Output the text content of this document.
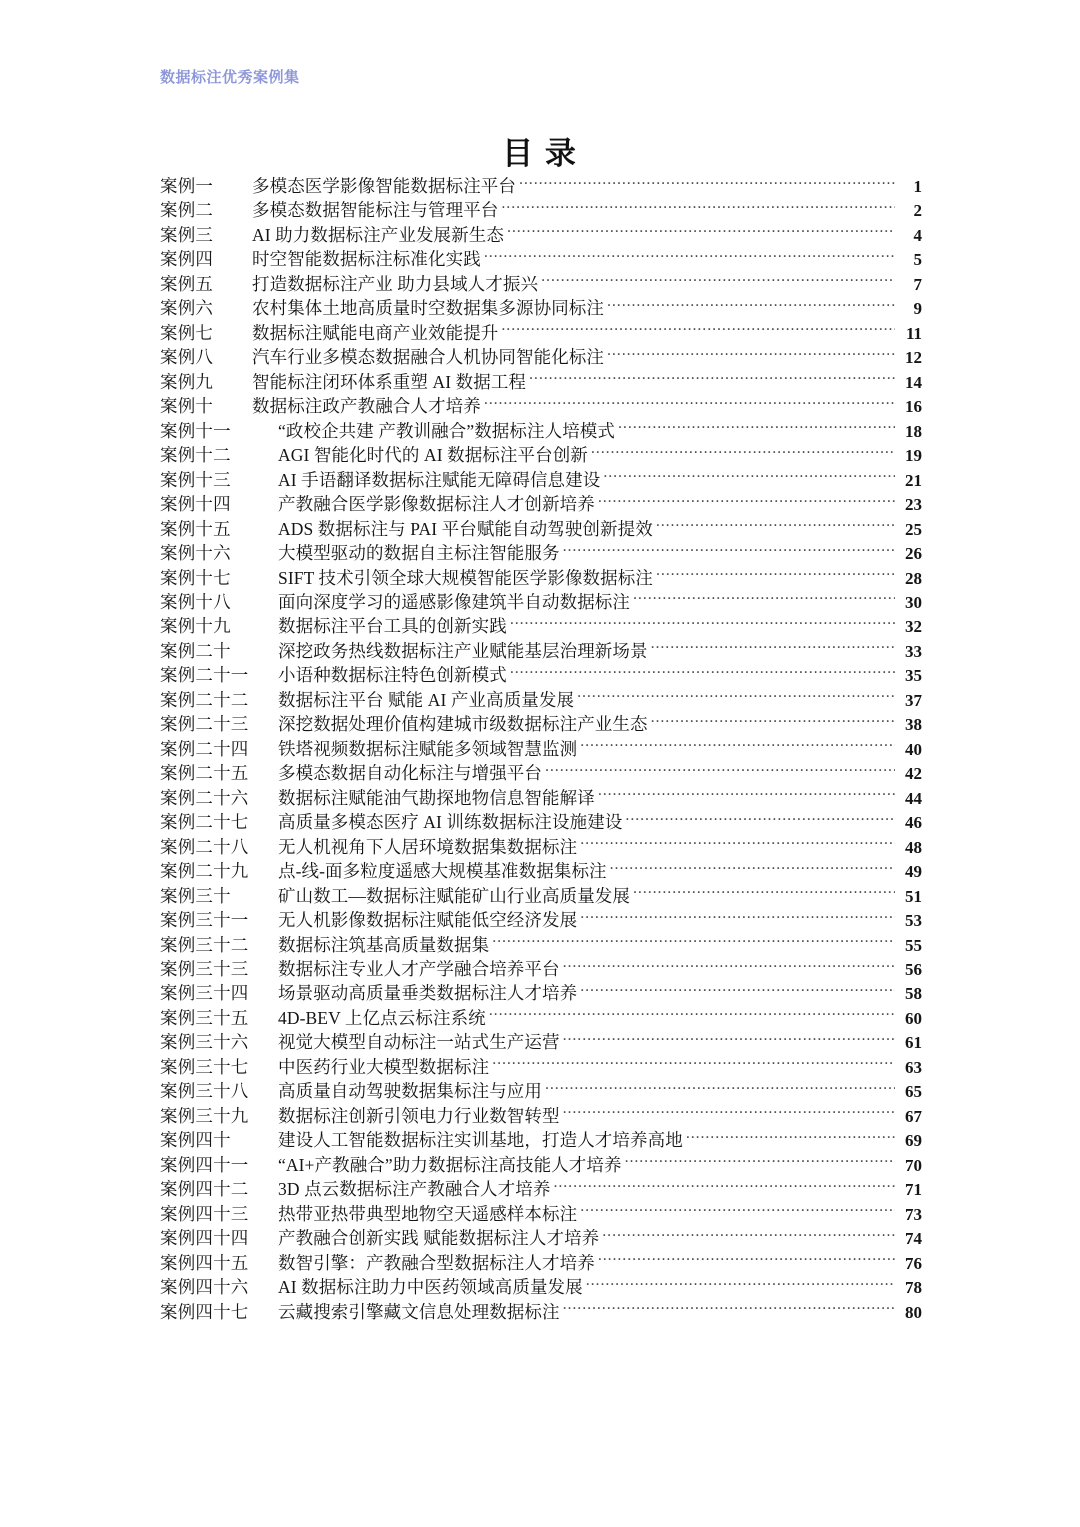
数据标注优秀案例集
目 录
案例一	多模态医学影像智能数据标注平台 .....	1
案例二	多模态数据智能标注与管理平台 .....	2
案例三	AI 助力数据标注产业发展新生态 .....	4
案例四	时空智能数据标注标准化实践 .....	5
案例五	打造数据标注产业 助力县域人才振兴 .....	7
案例六	农村集体土地高质量时空数据集多源协同标注 .....	9
案例七	数据标注赋能电商产业效能提升 .....	11
案例八	汽车行业多模态数据融合人机协同智能化标注 .....	12
案例九	智能标注闭环体系重塑 AI 数据工程 .....	14
案例十	数据标注政产教融合人才培养 .....	16
案例十一	“政校企共建 产教训融合”数据标注人培模式 .....	18
案例十二	AGI 智能化时代的 AI 数据标注平台创新 .....	19
案例十三	AI 手语翻译数据标注赋能无障碍信息建设 .....	21
案例十四	产教融合医学影像数据标注人才创新培养 .....	23
案例十五	ADS 数据标注与 PAI 平台赋能自动驾驶创新提效 .....	25
案例十六	大模型驱动的数据自主标注智能服务 .....	26
案例十七	SIFT 技术引领全球大规模智能医学影像数据标注 .....	28
案例十八	面向深度学习的遥感影像建筑半自动数据标注 .....	30
案例十九	数据标注平台工具的创新实践 .....	32
案例二十	深挖政务热线数据标注产业赋能基层治理新场景 .....	33
案例二十一	小语种数据标注特色创新模式 .....	35
案例二十二	数据标注平台 赋能 AI 产业高质量发展 .....	37
案例二十三	深挖数据处理价值构建城市级数据标注产业生态 .....	38
案例二十四	铁塔视频数据标注赋能多领域智慧监测 .....	40
案例二十五	多模态数据自动化标注与增强平台 .....	42
案例二十六	数据标注赋能油气勘探地物信息智能解译 .....	44
案例二十七	高质量多模态医疗 AI 训练数据标注设施建设 .....	46
案例二十八	无人机视角下人居环境数据集数据标注 .....	48
案例二十九	点-线-面多粒度遥感大规模基准数据集标注 .....	49
案例三十	矿山数工—数据标注赋能矿山行业高质量发展 .....	51
案例三十一	无人机影像数据标注赋能低空经济发展 .....	53
案例三十二	数据标注筑基高质量数据集 .....	55
案例三十三	数据标注专业人才产学融合培养平台 .....	56
案例三十四	场景驱动高质量垂类数据标注人才培养 .....	58
案例三十五	4D-BEV 上亿点云标注系统 .....	60
案例三十六	视觉大模型自动标注一站式生产运营 .....	61
案例三十七	中医药行业大模型数据标注 .....	63
案例三十八	高质量自动驾驶数据集标注与应用 .....	65
案例三十九	数据标注创新引领电力行业数智转型 .....	67
案例四十	建设人工智能数据标注实训基地，打造人才培养高地 .....	69
案例四十一	“AI+产教融合”助力数据标注高技能人才培养 .....	70
案例四十二	3D 点云数据标注产教融合人才培养 .....	71
案例四十三	热带亚热带典型地物空天遥感样本标注 .....	73
案例四十四	产教融合创新实践 赋能数据标注人才培养 .....	74
案例四十五	数智引擎：产教融合型数据标注人才培养 .....	76
案例四十六	AI 数据标注助力中医药领域高质量发展 .....	78
案例四十七	云藏搜索引擎藏文信息处理数据标注 .....	80
